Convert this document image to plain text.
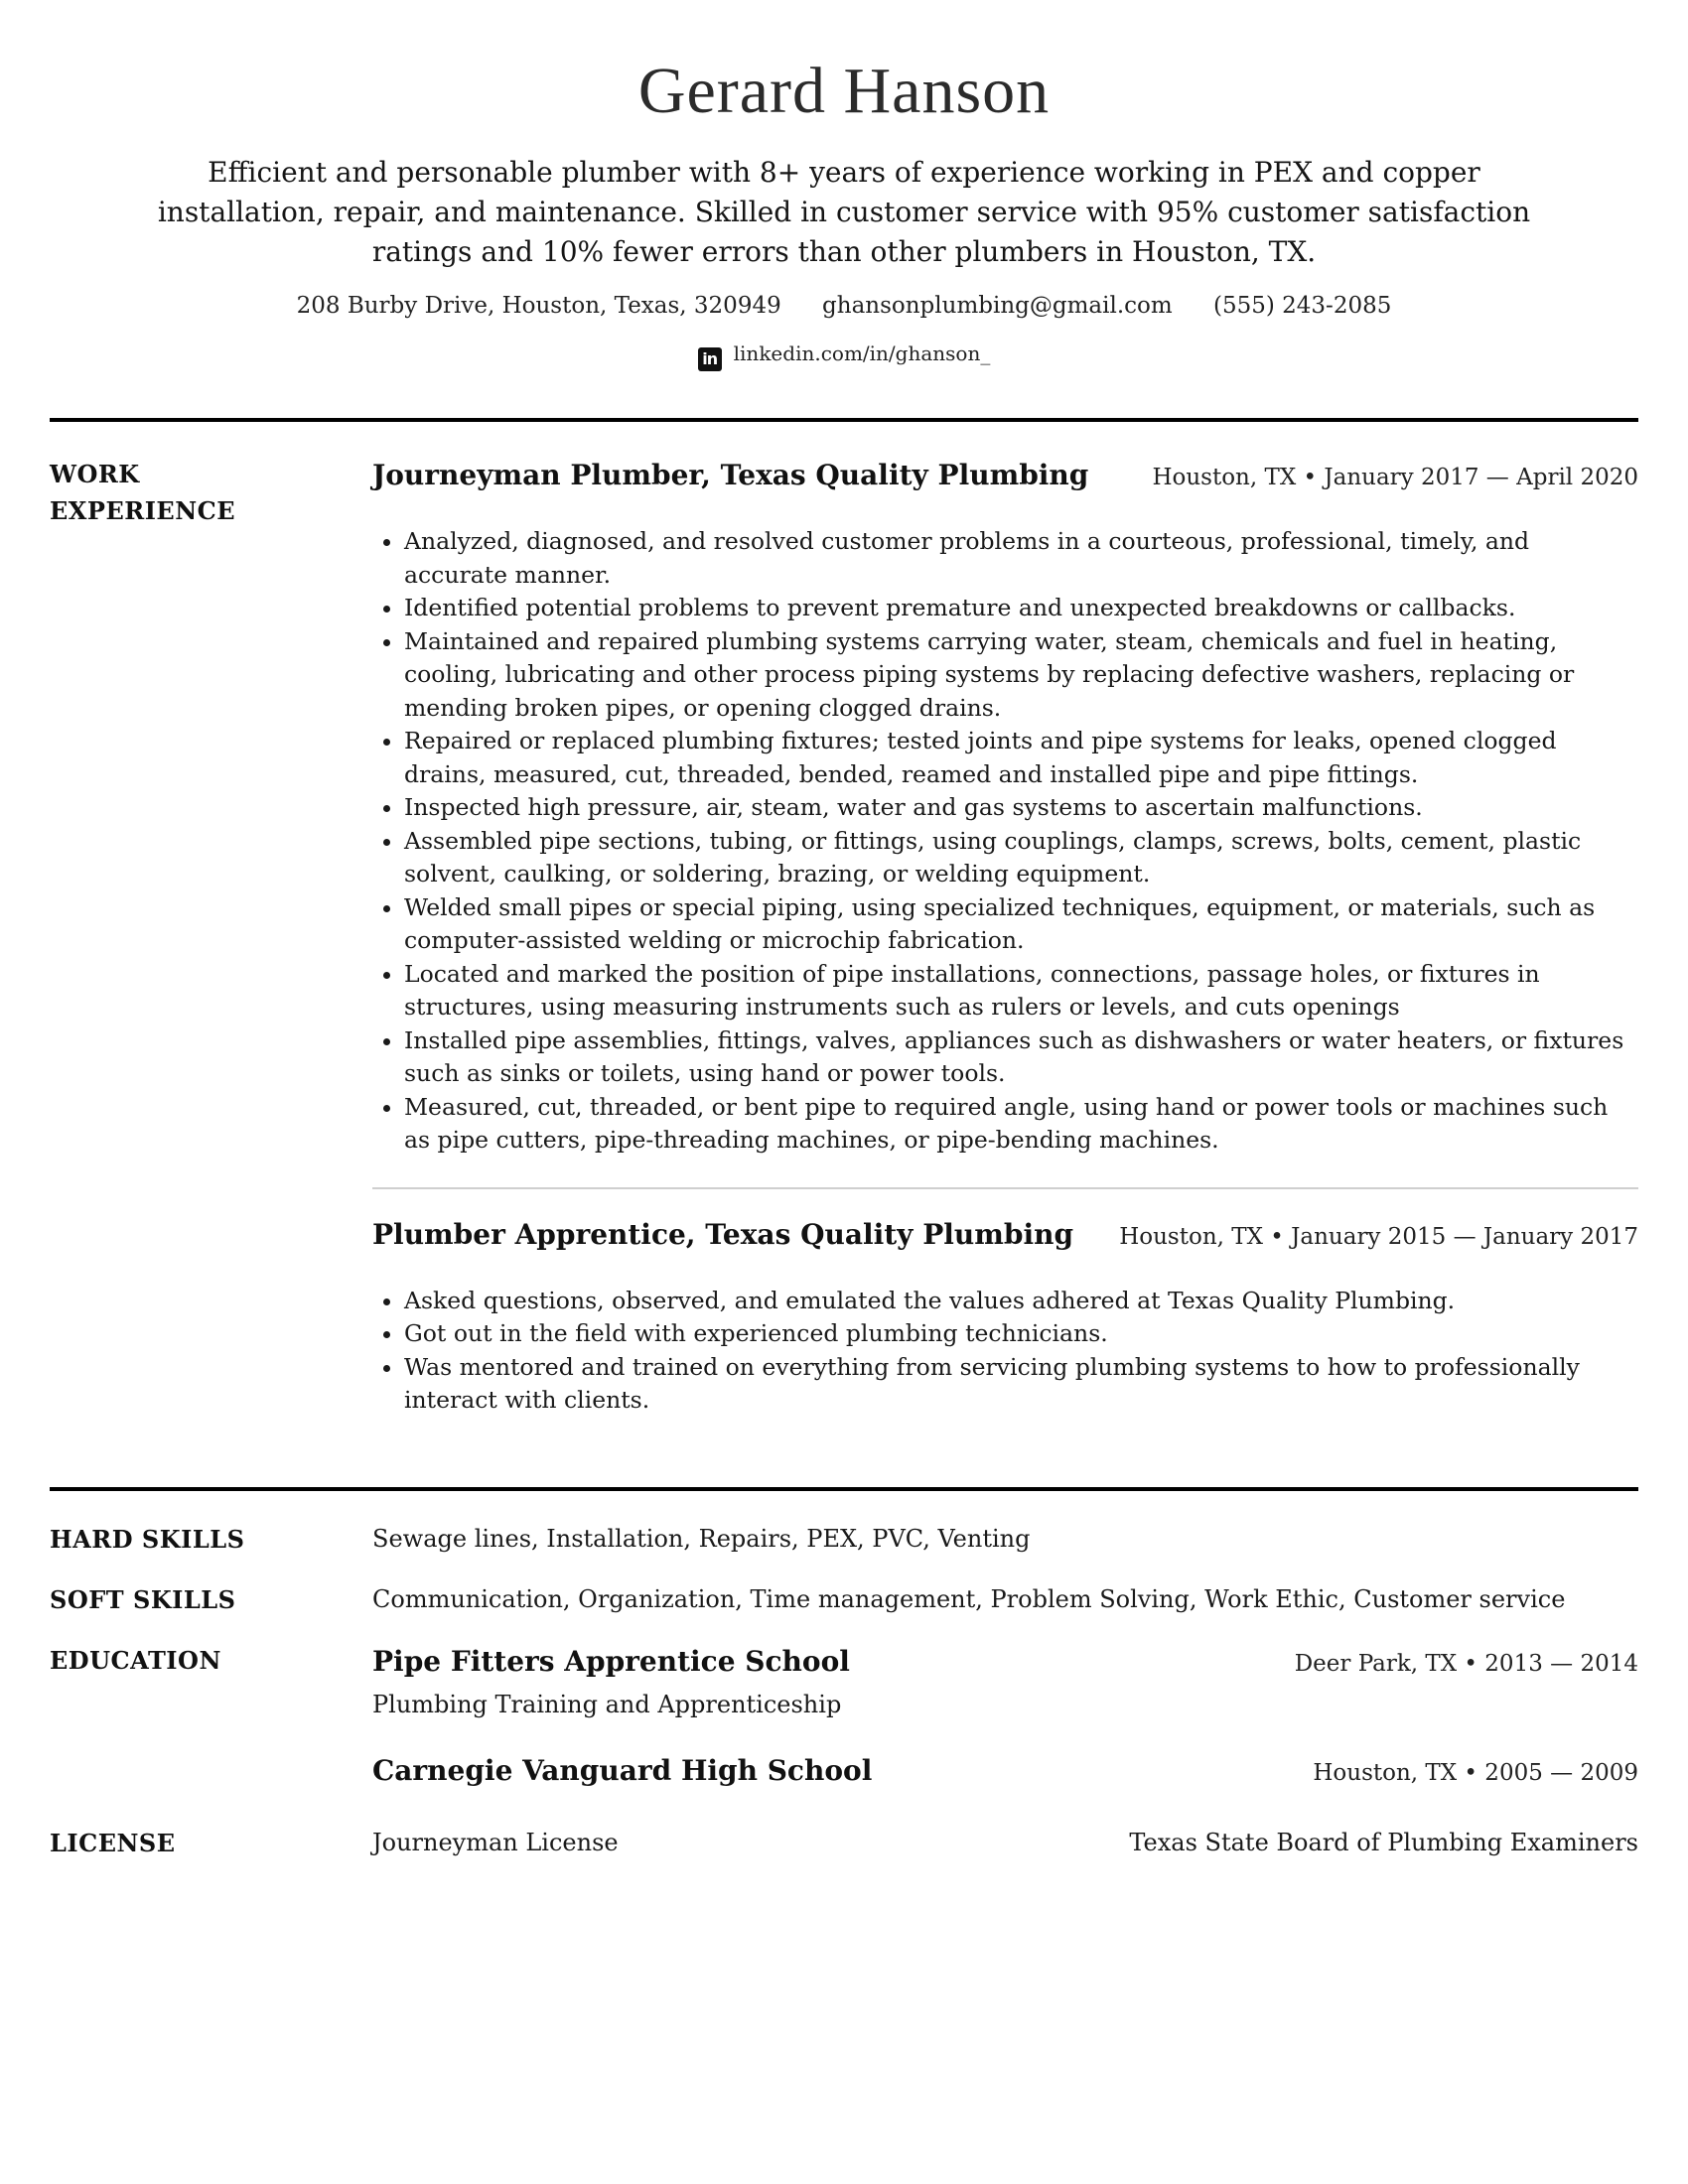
Gerard Hanson
Efficient and personable plumber with 8+ years of experience working in PEX and copper installation, repair, and maintenance. Skilled in customer service with 95% customer satisfaction ratings and 10% fewer errors than other plumbers in Houston, TX.
208 Burby Drive, Houston, Texas, 320949 ghansonplumbing@gmail.com (555) 243-2085
in linkedin.com/in/ghanson_
WORK
EXPERIENCE
Journeyman Plumber, Texas Quality Plumbing	Houston, TX • January 2017 — April 2020
• Analyzed, diagnosed, and resolved customer problems in a courteous, professional, timely, and accurate manner.
• Identified potential problems to prevent premature and unexpected breakdowns or callbacks.
• Maintained and repaired plumbing systems carrying water, steam, chemicals and fuel in heating, cooling, lubricating and other process piping systems by replacing defective washers, replacing or mending broken pipes, or opening clogged drains.
• Repaired or replaced plumbing fixtures; tested joints and pipe systems for leaks, opened clogged drains, measured, cut, threaded, bended, reamed and installed pipe and pipe fittings.
• Inspected high pressure, air, steam, water and gas systems to ascertain malfunctions.
• Assembled pipe sections, tubing, or fittings, using couplings, clamps, screws, bolts, cement, plastic solvent, caulking, or soldering, brazing, or welding equipment.
• Welded small pipes or special piping, using specialized techniques, equipment, or materials, such as computer-assisted welding or microchip fabrication.
• Located and marked the position of pipe installations, connections, passage holes, or fixtures in structures, using measuring instruments such as rulers or levels, and cuts openings
• Installed pipe assemblies, fittings, valves, appliances such as dishwashers or water heaters, or fixtures such as sinks or toilets, using hand or power tools.
• Measured, cut, threaded, or bent pipe to required angle, using hand or power tools or machines such as pipe cutters, pipe-threading machines, or pipe-bending machines.
Plumber Apprentice, Texas Quality Plumbing Houston, TX • January 2015 — January 2017
• Asked questions, observed, and emulated the values adhered at Texas Quality Plumbing.
• Got out in the field with experienced plumbing technicians.
• Was mentored and trained on everything from servicing plumbing systems to how to professionally interact with clients.
HARD SKILLS	Sewage lines, Installation, Repairs, PEX, PVC, Venting
SOFT SKILLS	Communication, Organization, Time management, Problem Solving, Work Ethic, Customer service
EDUCATION	Pipe Fitters Apprentice School	Deer Park, TX • 2013 — 2014
Plumbing Training and Apprenticeship
Carnegie Vanguard High School	Houston, TX • 2005 — 2009
LICENSE	Journeyman License	Texas State Board of Plumbing Examiners
